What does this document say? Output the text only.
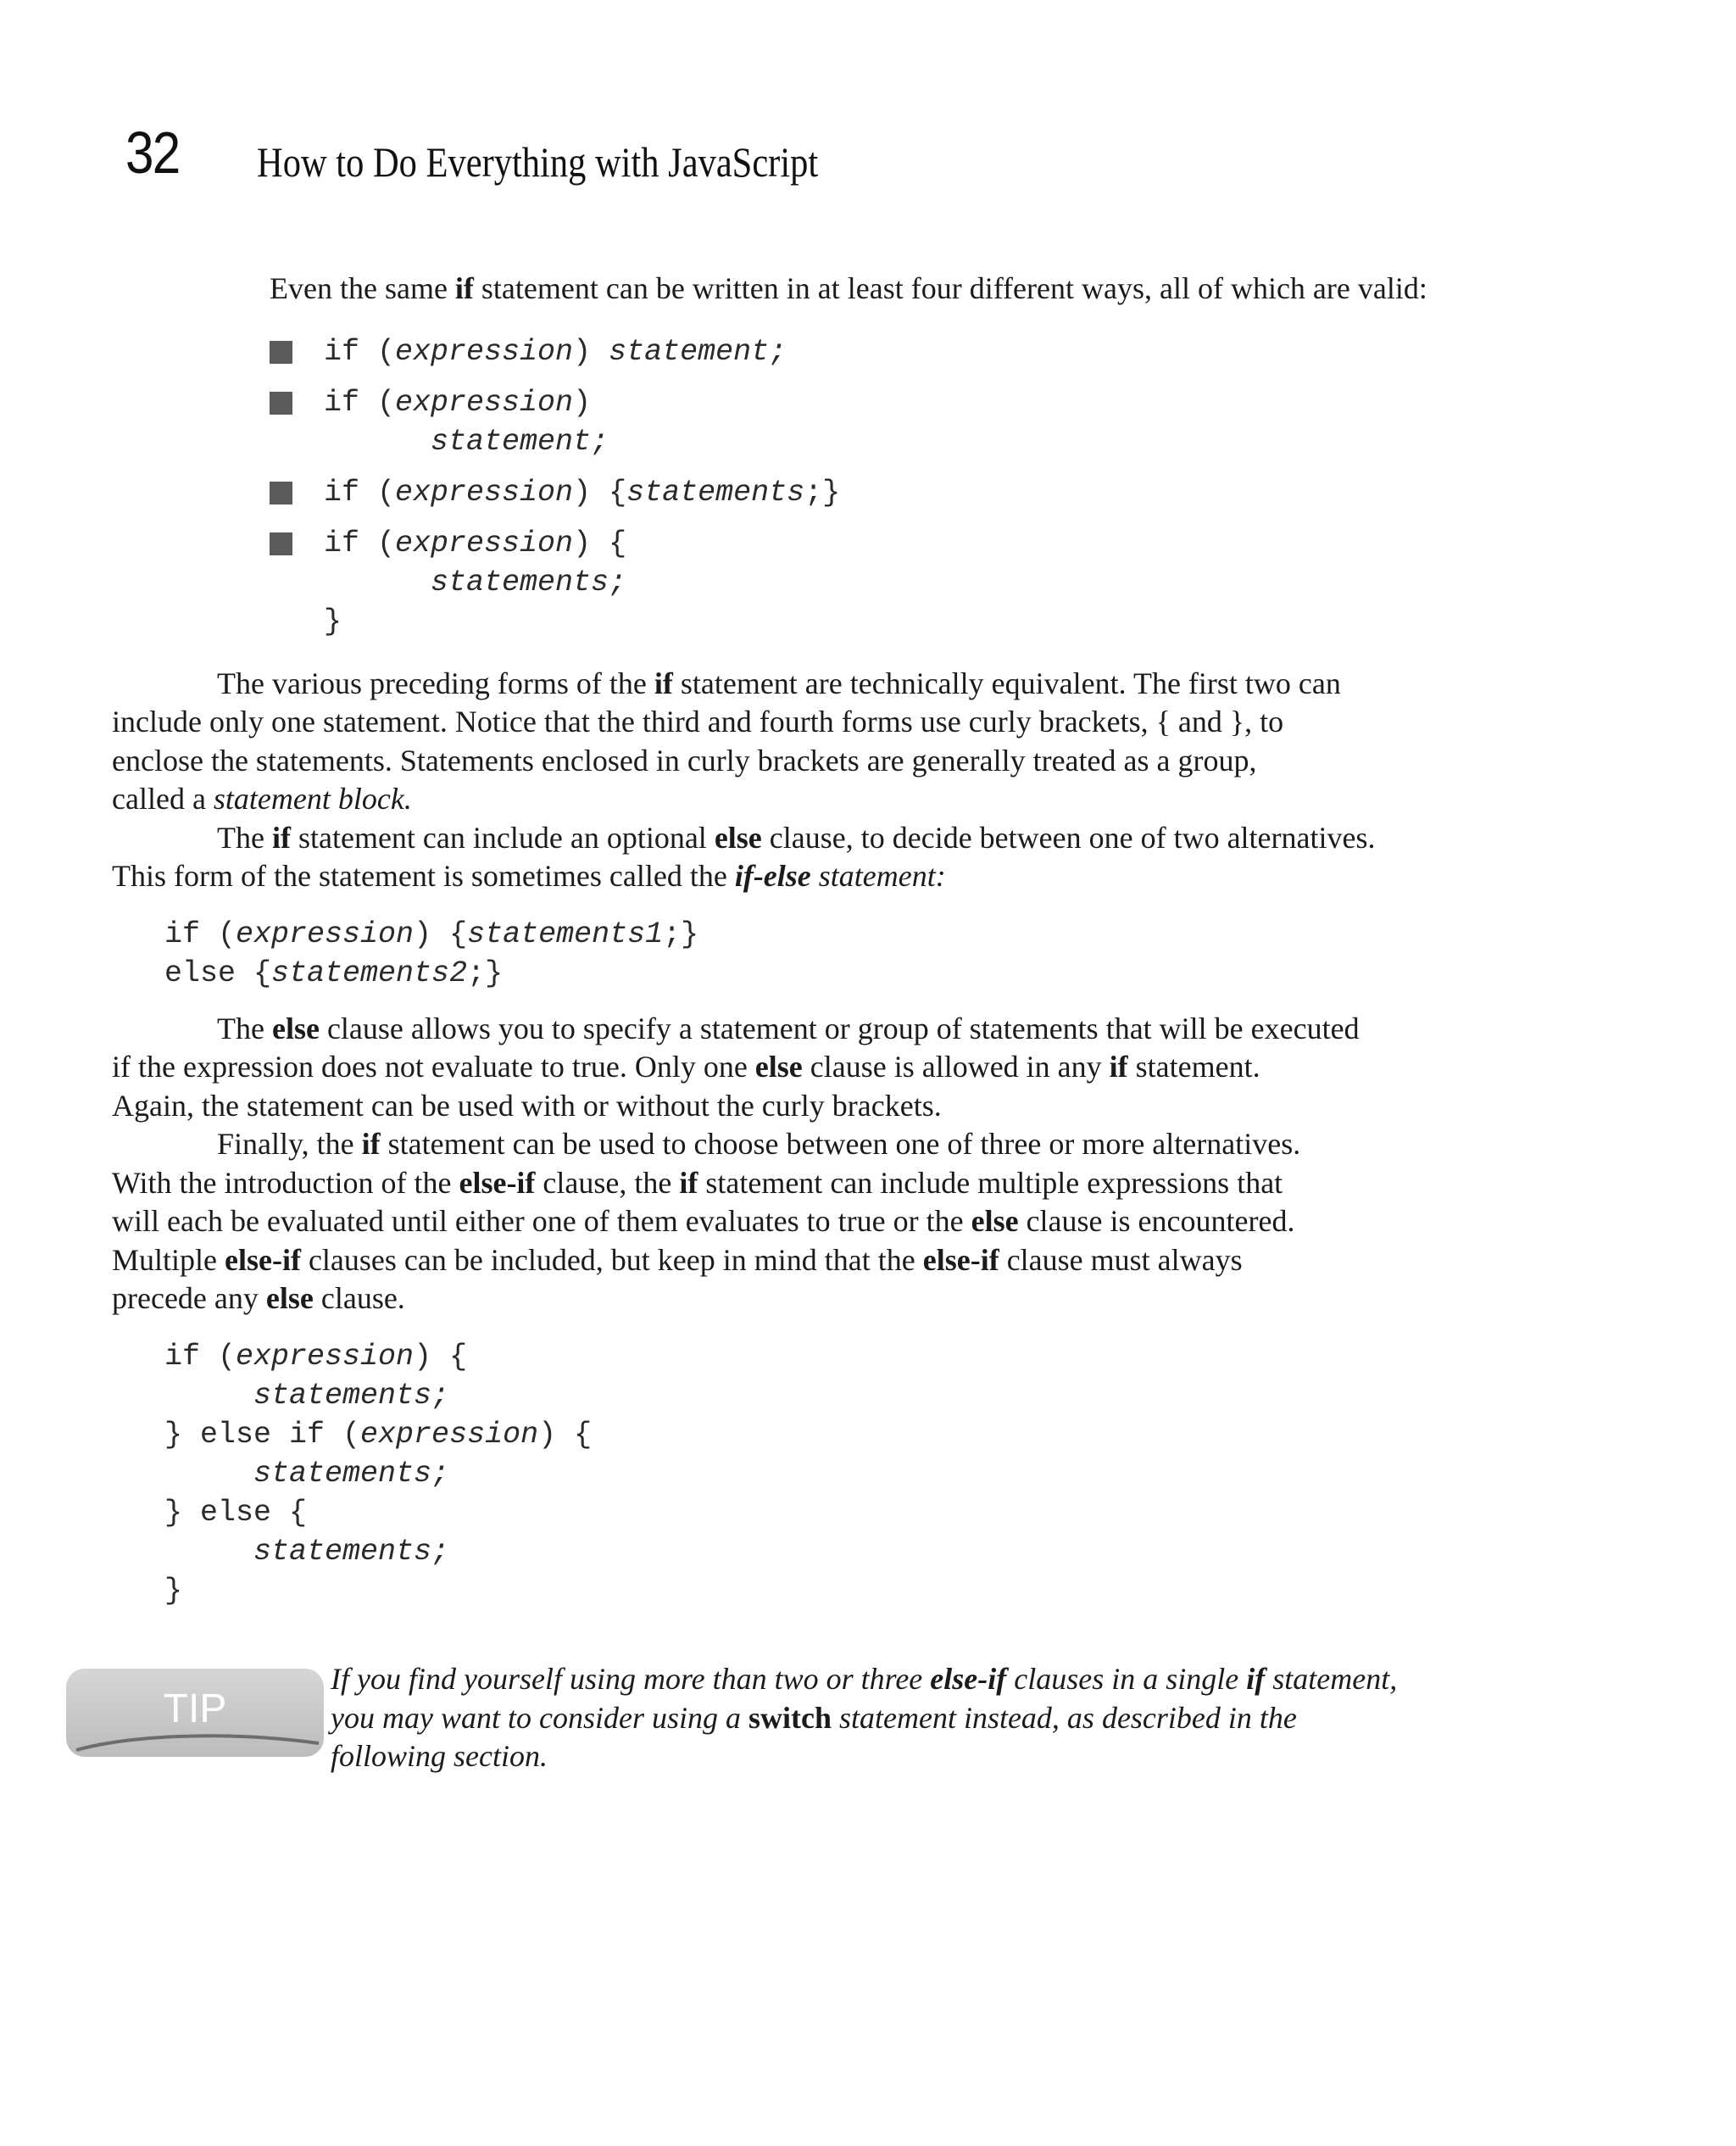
32 How to Do Everything with JavaScript

Even the same if statement can be written in at least four different ways, all of which are valid:

if (expression) statement;
if (expression)
statement;
if (expression) {statements;}
if (expression) {
statements;
}

The various preceding forms of the if statement are technically equivalent. The first two can
include only one statement. Notice that the third and fourth forms use curly brackets, { and }, to
enclose the statements. Statements enclosed in curly brackets are generally treated as a group,
called a statement block.

The if statement can include an optional else clause, to decide between one of two alternatives.
This form of the statement is sometimes called the if-else statement:

if (expression) {statements1;}
else {statements2;}

The else clause allows you to specify a statement or group of statements that will be executed
if the expression does not evaluate to true. Only one else clause is allowed in any if statement.
Again, the statement can be used with or without the curly brackets.

Finally, the if statement can be used to choose between one of three or more alternatives.
With the introduction of the else-if clause, the if statement can include multiple expressions that
will each be evaluated until either one of them evaluates to true or the else clause is encountered.
Multiple else-if clauses can be included, but keep in mind that the else-if clause must always
precede any else clause.

if (expression) {
statements;
} else if (expression) {
statements;
} else {
statements;
}
TIP

If you find yourself using more than two or three else-if clauses in a single if statement,
you may want to consider using a switch statement instead, as described in the
following section.
